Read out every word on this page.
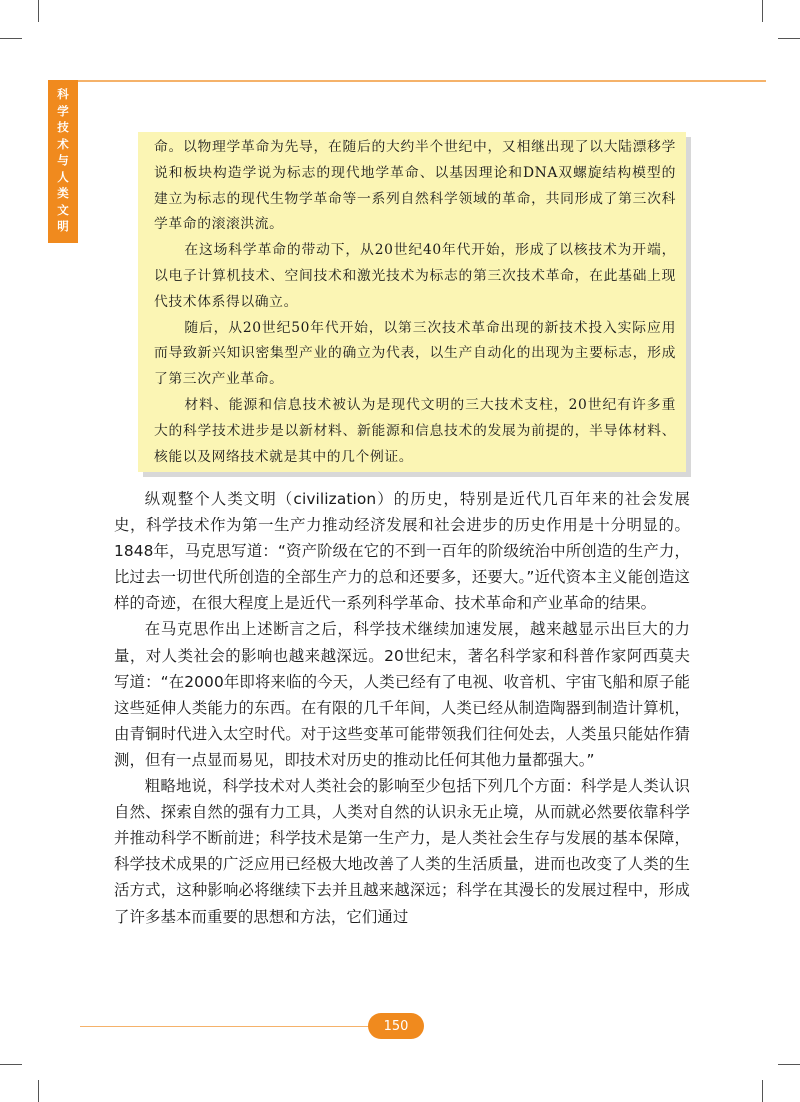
科
学
技
术
与
人
类
文
明

命。以物理学革命为先导，在随后的大约半个世纪中，又相继出现了以大陆漂移学说和板块构造学说为标志的现代地学革命、以基因理论和DNA双螺旋结构模型的建立为标志的现代生物学革命等一系列自然科学领域的革命，共同形成了第三次科学革命的滚滚洪流。

在这场科学革命的带动下，从20世纪40年代开始，形成了以核技术为开端，以电子计算机技术、空间技术和激光技术为标志的第三次技术革命，在此基础上现代技术体系得以确立。

随后，从20世纪50年代开始，以第三次技术革命出现的新技术投入实际应用而导致新兴知识密集型产业的确立为代表，以生产自动化的出现为主要标志，形成了第三次产业革命。

材料、能源和信息技术被认为是现代文明的三大技术支柱，20世纪有许多重大的科学技术进步是以新材料、新能源和信息技术的发展为前提的，半导体材料、核能以及网络技术就是其中的几个例证。

纵观整个人类文明（civilization）的历史，特别是近代几百年来的社会发展史，科学技术作为第一生产力推动经济发展和社会进步的历史作用是十分明显的。1848年，马克思写道：“资产阶级在它的不到一百年的阶级统治中所创造的生产力，比过去一切世代所创造的全部生产力的总和还要多，还要大。”近代资本主义能创造这样的奇迹，在很大程度上是近代一系列科学革命、技术革命和产业革命的结果。

在马克思作出上述断言之后，科学技术继续加速发展，越来越显示出巨大的力量，对人类社会的影响也越来越深远。20世纪末，著名科学家和科普作家阿西莫夫写道：“在2000年即将来临的今天，人类已经有了电视、收音机、宇宙飞船和原子能这些延伸人类能力的东西。在有限的几千年间，人类已经从制造陶器到制造计算机，由青铜时代进入太空时代。对于这些变革可能带领我们往何处去，人类虽只能姑作猜测，但有一点显而易见，即技术对历史的推动比任何其他力量都强大。”

粗略地说，科学技术对人类社会的影响至少包括下列几个方面：科学是人类认识自然、探索自然的强有力工具，人类对自然的认识永无止境，从而就必然要依靠科学并推动科学不断前进；科学技术是第一生产力，是人类社会生存与发展的基本保障，科学技术成果的广泛应用已经极大地改善了人类的生活质量，进而也改变了人类的生活方式，这种影响必将继续下去并且越来越深远；科学在其漫长的发展过程中，形成了许多基本而重要的思想和方法，它们通过

150
